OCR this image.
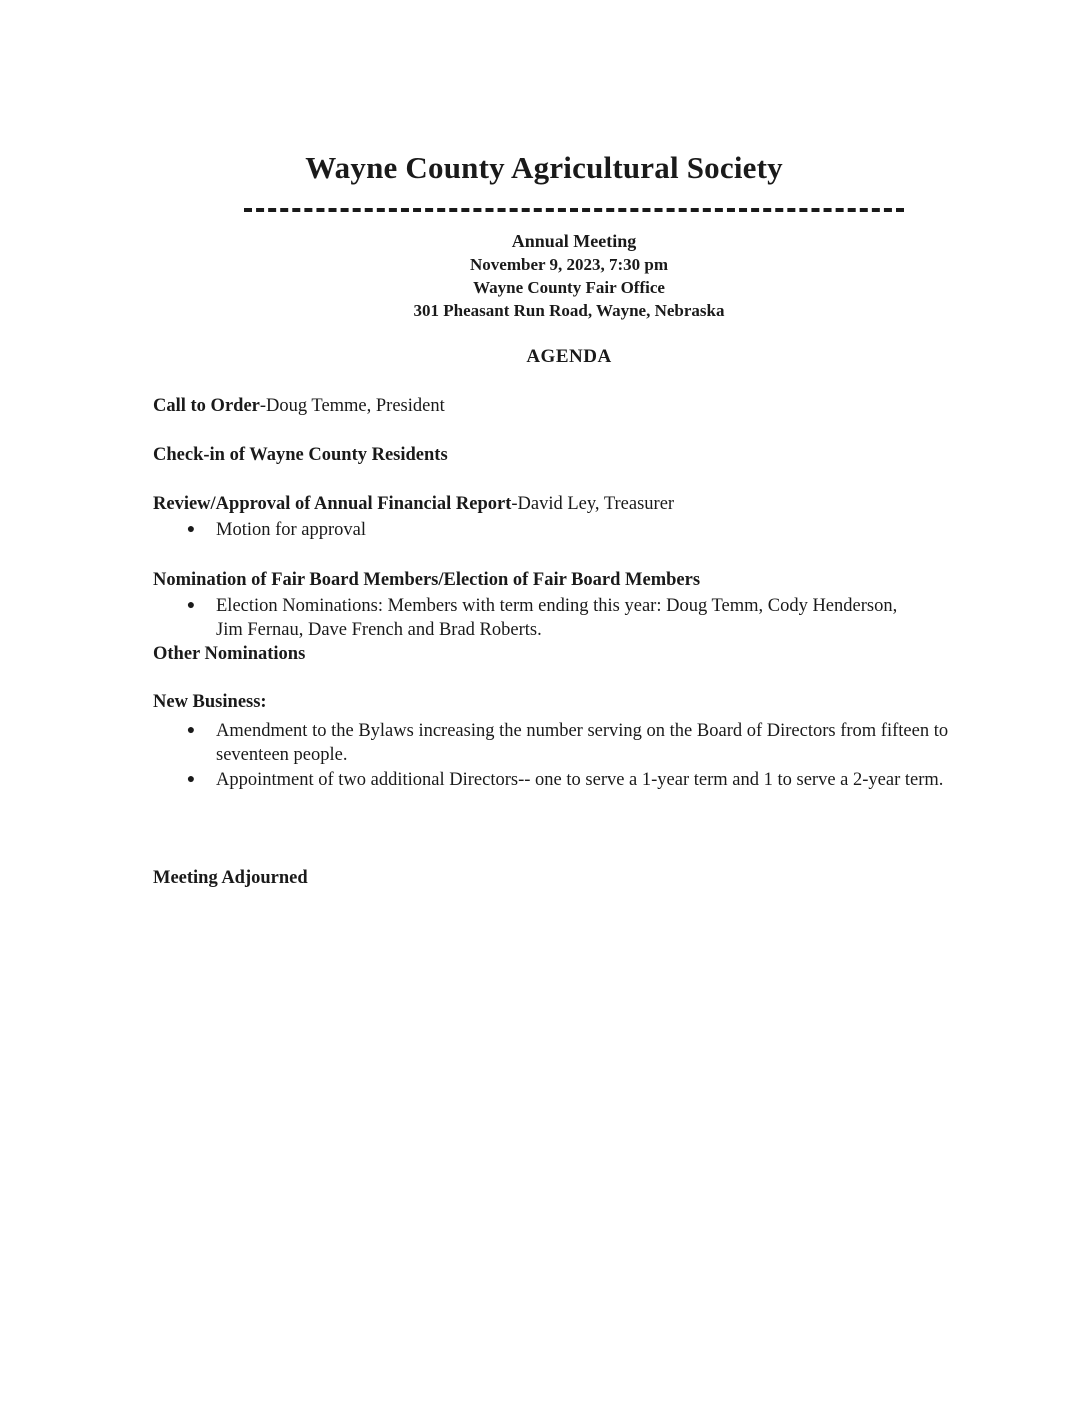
Wayne County Agricultural Society
Annual Meeting
November 9, 2023, 7:30 pm
Wayne County Fair Office
301 Pheasant Run Road, Wayne, Nebraska
AGENDA
Call to Order-Doug Temme, President
Check-in of Wayne County Residents
Review/Approval of Annual Financial Report-David Ley, Treasurer
● Motion for approval
Nomination of Fair Board Members/Election of Fair Board Members
● Election Nominations: Members with term ending this year: Doug Temm, Cody Henderson, Jim Fernau, Dave French and Brad Roberts.
Other Nominations
New Business:
● Amendment to the Bylaws increasing the number serving on the Board of Directors from fifteen to seventeen people.
● Appointment of two additional Directors-- one to serve a 1-year term and 1 to serve a 2-year term.
Meeting Adjourned
